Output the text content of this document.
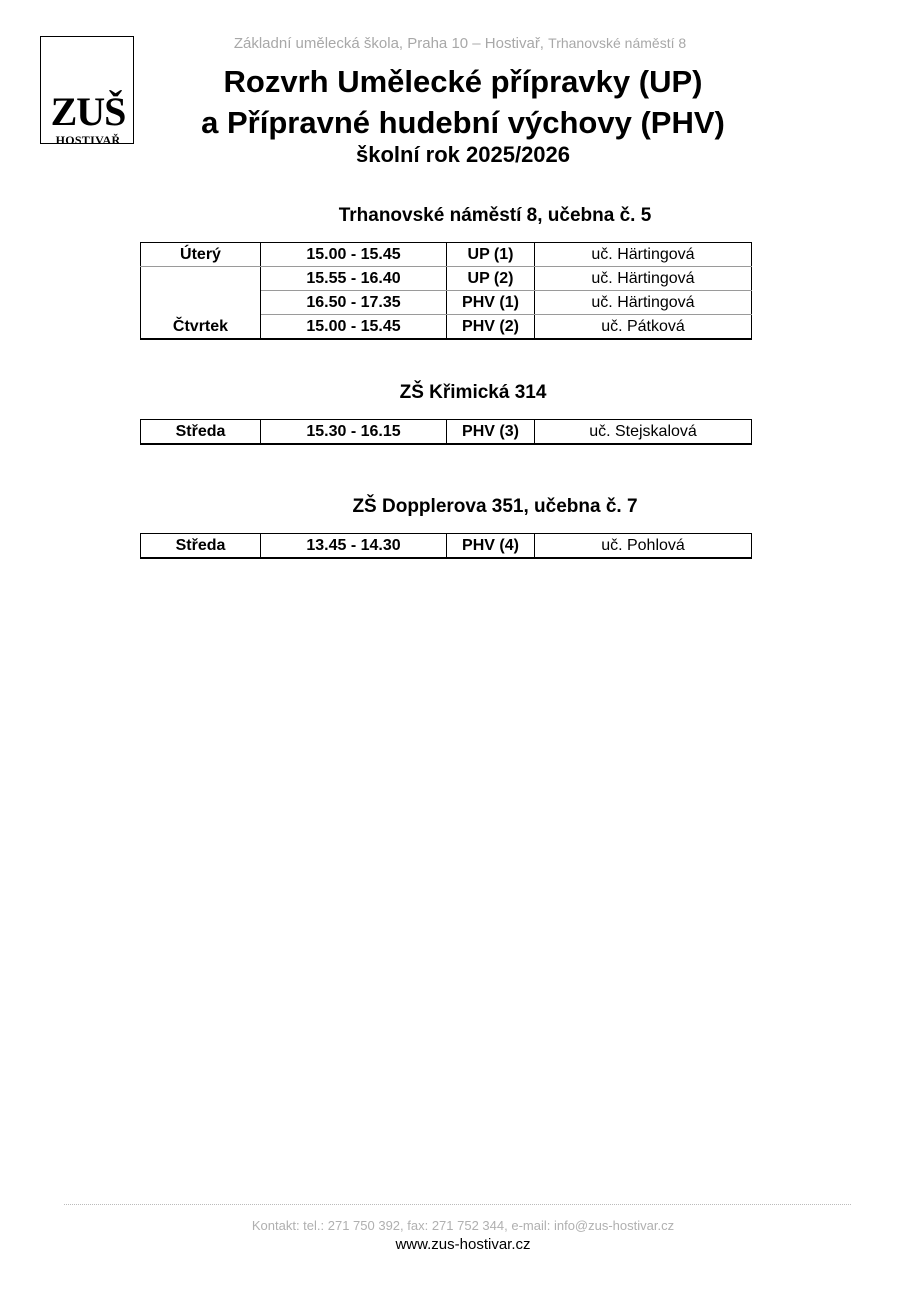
ZUŠ
HOSTIVAŘ
Základní umělecká škola, Praha 10 – Hostivař, Trhanovské náměstí 8
Rozvrh Umělecké přípravky (UP)
a Přípravné hudební výchovy (PHV)
školní rok 2025/2026
Trhanovské náměstí 8, učebna č. 5
Úterý	15.00 - 15.45	UP (1)	uč. Härtingová
	15.55 - 16.40	UP (2)	uč. Härtingová
	16.50 - 17.35	PHV (1)	uč. Härtingová
Čtvrtek	15.00 - 15.45	PHV (2)	uč. Pátková
ZŠ Křimická 314
Středa	15.30 - 16.15	PHV (3)	uč. Stejskalová
ZŠ Dopplerova 351, učebna č. 7
Středa	13.45 - 14.30	PHV (4)	uč. Pohlová
Kontakt: tel.: 271 750 392, fax: 271 752 344, e-mail: info@zus-hostivar.cz
www.zus-hostivar.cz
